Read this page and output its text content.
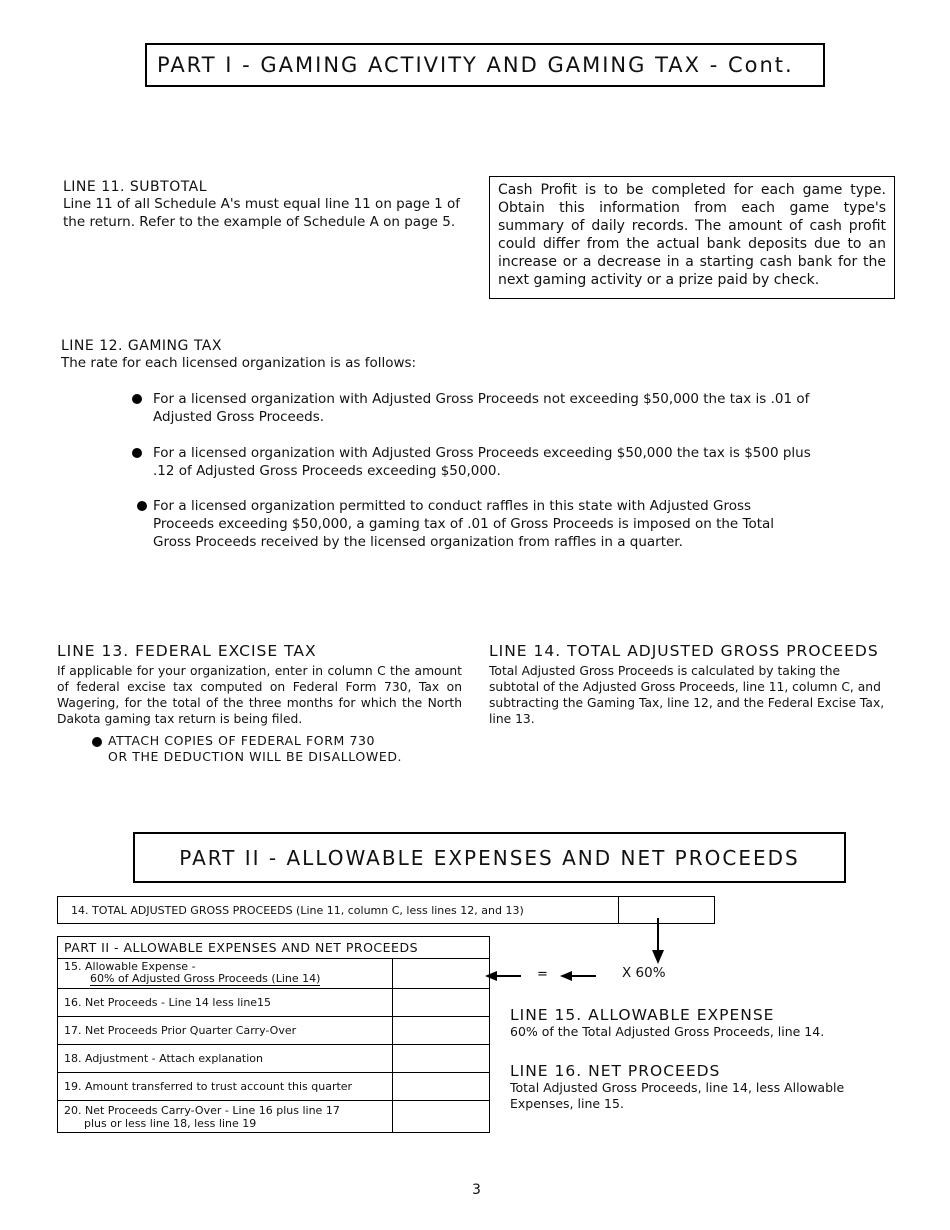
PART I - GAMING ACTIVITY AND GAMING TAX - Cont.
LINE 11. SUBTOTAL
Line 11 of all Schedule A's must equal line 11 on page 1 of the return. Refer to the example of Schedule A on page 5.
Cash Profit is to be completed for each game type. Obtain this information from each game type's summary of daily records. The amount of cash profit could differ from the actual bank deposits due to an increase or a decrease in a starting cash bank for the next gaming activity or a prize paid by check.
LINE 12. GAMING TAX
The rate for each licensed organization is as follows:
For a licensed organization with Adjusted Gross Proceeds not exceeding $50,000 the tax is .01 of Adjusted Gross Proceeds.
For a licensed organization with Adjusted Gross Proceeds exceeding $50,000 the tax is $500 plus .12 of Adjusted Gross Proceeds exceeding $50,000.
For a licensed organization permitted to conduct raffles in this state with Adjusted Gross Proceeds exceeding $50,000, a gaming tax of .01 of Gross Proceeds is imposed on the Total Gross Proceeds received by the licensed organization from raffles in a quarter.
LINE 13. FEDERAL EXCISE TAX
If applicable for your organization, enter in column C the amount of federal excise tax computed on Federal Form 730, Tax on Wagering, for the total of the three months for which the North Dakota gaming tax return is being filed.
ATTACH COPIES OF FEDERAL FORM 730
OR THE DEDUCTION WILL BE DISALLOWED.
LINE 14. TOTAL ADJUSTED GROSS PROCEEDS
Total Adjusted Gross Proceeds is calculated by taking the subtotal of the Adjusted Gross Proceeds, line 11, column C, and subtracting the Gaming Tax, line 12, and the Federal Excise Tax, line 13.
PART II - ALLOWABLE EXPENSES AND NET PROCEEDS
14. TOTAL ADJUSTED GROSS PROCEEDS (Line 11, column C, less lines 12, and 13)
PART II - ALLOWABLE EXPENSES AND NET PROCEEDS	

15. Allowable Expense -
60% of Adjusted Gross Proceeds (Line 14)	

16. Net Proceeds - Line 14 less line15	
17. Net Proceeds Prior Quarter Carry-Over	
18. Adjustment - Attach explanation	
19. Amount transferred to trust account this quarter	

20. Net Proceeds Carry-Over - Line 16 plus line 17
plus or less line 18, less line 19	

=	X 60%
LINE 15. ALLOWABLE EXPENSE
60% of the Total Adjusted Gross Proceeds, line 14.
LINE 16. NET PROCEEDS
Total Adjusted Gross Proceeds, line 14, less Allowable Expenses, line 15.
3
